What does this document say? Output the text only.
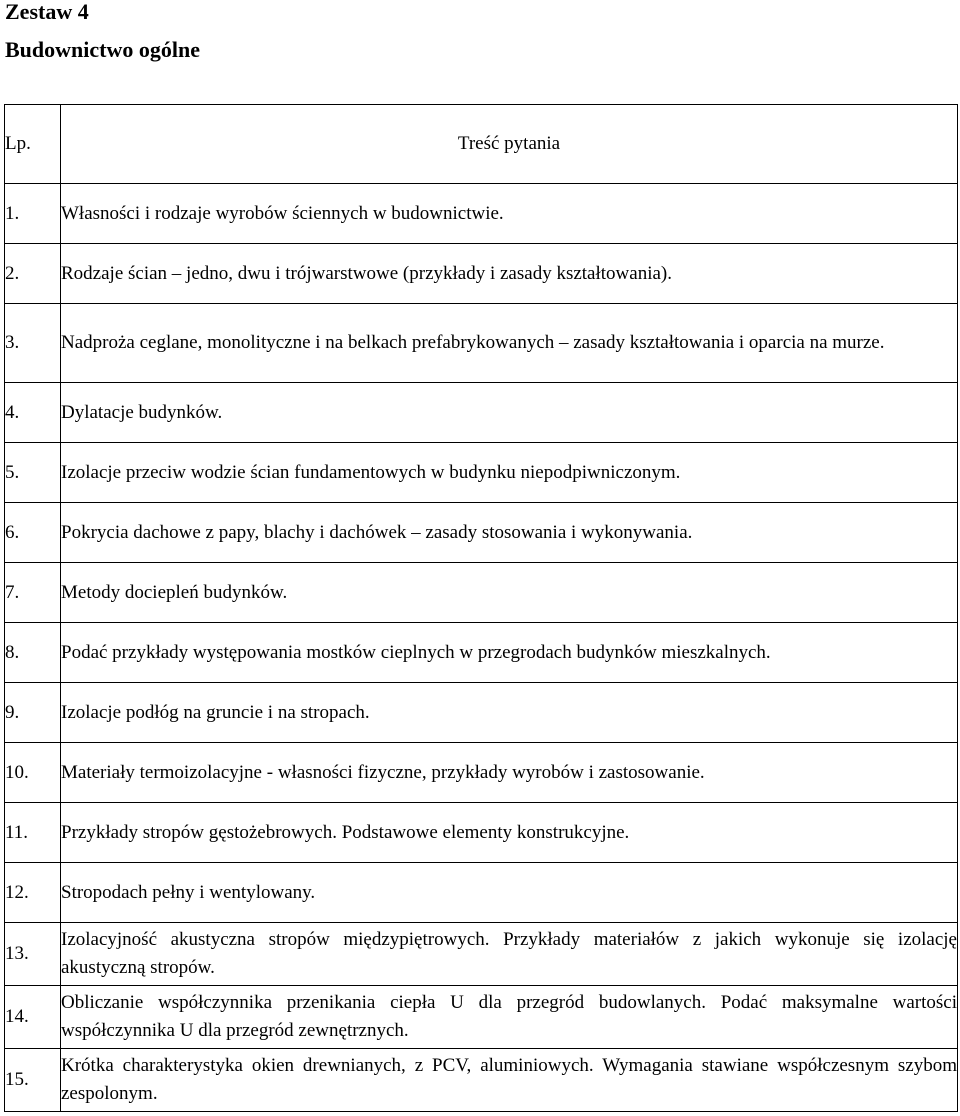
Zestaw 4
Budownictwo ogólne
Lp.	Treść pytania
1.	Własności i rodzaje wyrobów ściennych w budownictwie.
2.	Rodzaje ścian – jedno, dwu i trójwarstwowe (przykłady i zasady kształtowania).
3.	Nadproża ceglane, monolityczne i na belkach prefabrykowanych – zasady kształtowania i oparcia na murze.
4.	Dylatacje budynków.
5.	Izolacje przeciw wodzie ścian fundamentowych w budynku niepodpiwniczonym.
6.	Pokrycia dachowe z papy, blachy i dachówek – zasady stosowania i wykonywania.
7.	Metody dociepleń budynków.
8.	Podać przykłady występowania mostków cieplnych w przegrodach budynków mieszkalnych.
9.	Izolacje podłóg na gruncie i na stropach.
10.	Materiały termoizolacyjne - własności fizyczne, przykłady wyrobów i zastosowanie.
11.	Przykłady stropów gęstożebrowych. Podstawowe elementy konstrukcyjne.
12.	Stropodach pełny i wentylowany.
13.	Izolacyjność akustyczna stropów międzypiętrowych. Przykłady materiałów z jakich wykonuje się izolację akustyczną stropów.
14.	Obliczanie współczynnika przenikania ciepła U dla przegród budowlanych. Podać maksymalne wartości współczynnika U dla przegród zewnętrznych.
15.	Krótka charakterystyka okien drewnianych, z PCV, aluminiowych. Wymagania stawiane współczesnym szybom zespolonym.
